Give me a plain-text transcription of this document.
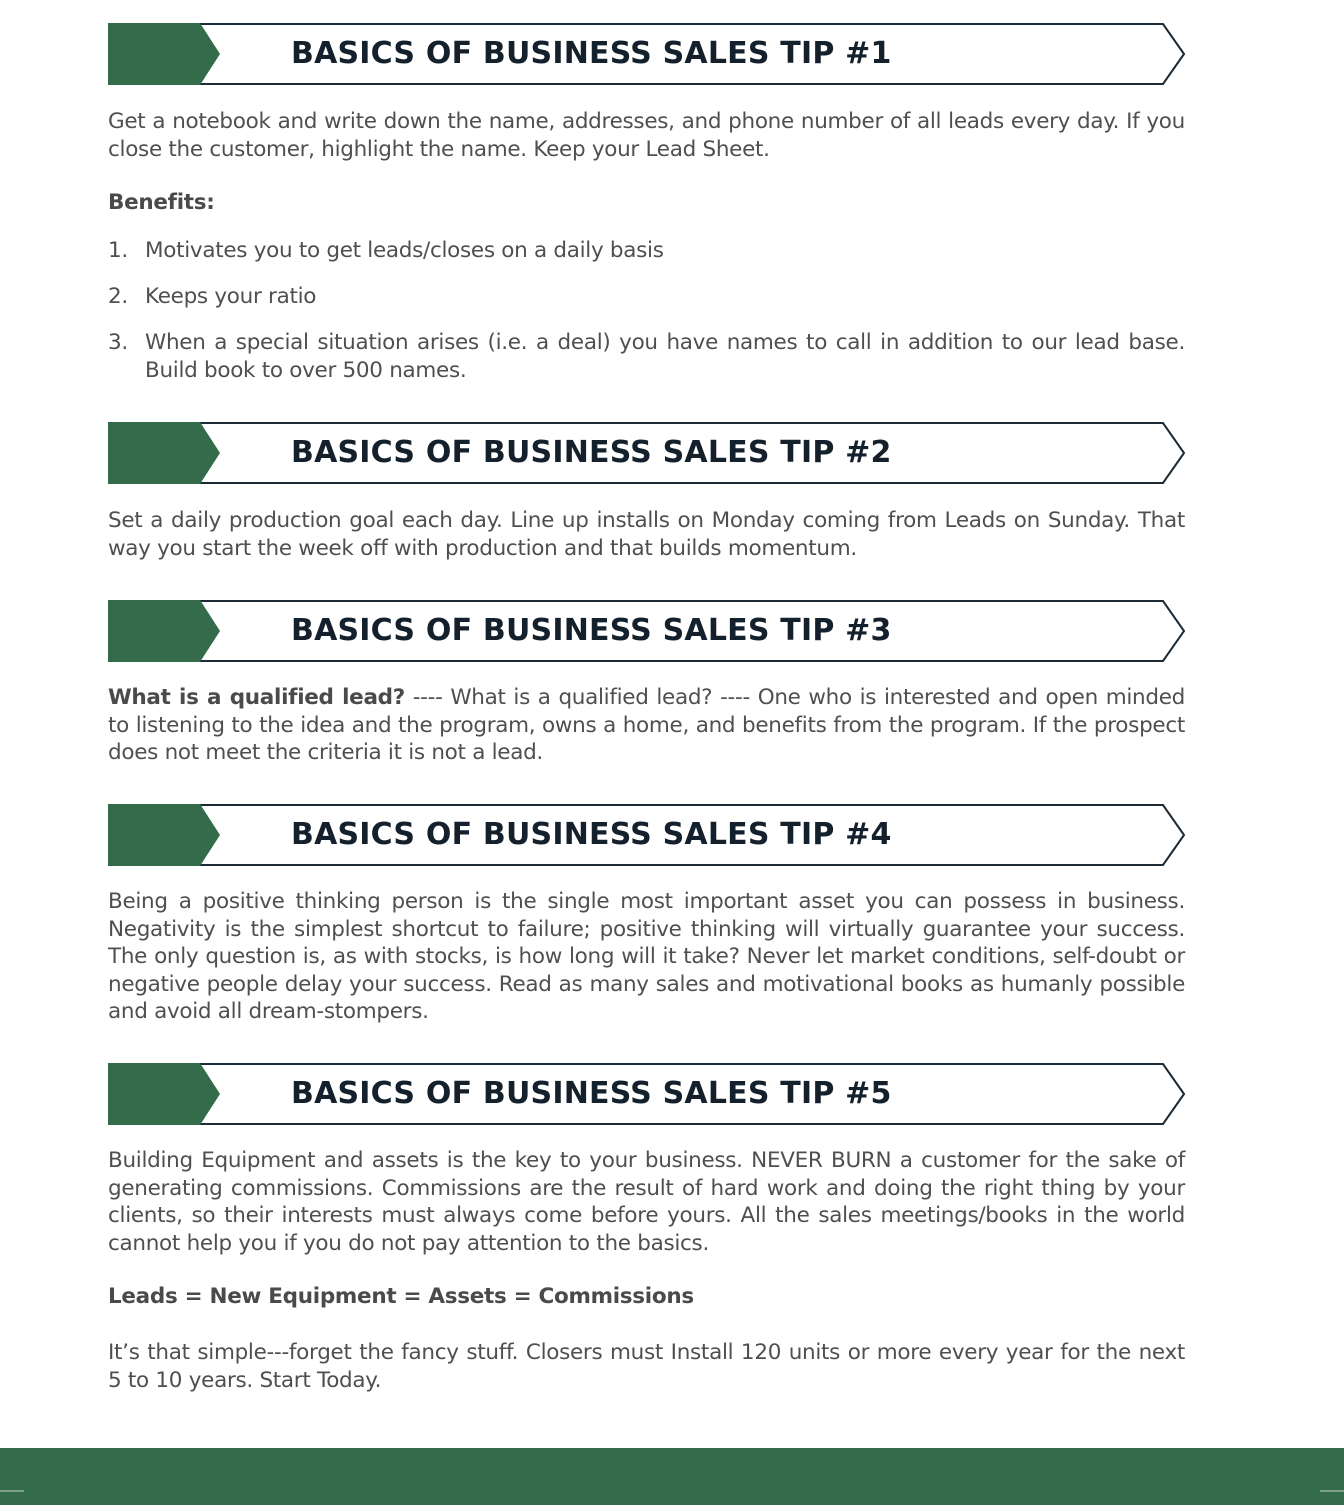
BASICS OF BUSINESS SALES TIP #1
Get a notebook and write down the name, addresses, and phone number of all leads every day. If you close the customer, highlight the name. Keep your Lead Sheet.
Benefits:
1. Motivates you to get leads/closes on a daily basis
2. Keeps your ratio
3. When a special situation arises (i.e. a deal) you have names to call in addition to our lead base. Build book to over 500 names.
BASICS OF BUSINESS SALES TIP #2
Set a daily production goal each day. Line up installs on Monday coming from Leads on Sunday. That way you start the week off with production and that builds momentum.
BASICS OF BUSINESS SALES TIP #3
What is a qualified lead? ---- What is a qualified lead? ---- One who is interested and open minded to listening to the idea and the program, owns a home, and benefits from the program. If the prospect does not meet the criteria it is not a lead.
BASICS OF BUSINESS SALES TIP #4
Being a positive thinking person is the single most important asset you can possess in business. Negativity is the simplest shortcut to failure; positive thinking will virtually guarantee your success. The only question is, as with stocks, is how long will it take? Never let market conditions, self-doubt or negative people delay your success. Read as many sales and motivational books as humanly possible and avoid all dream-stompers.
BASICS OF BUSINESS SALES TIP #5
Building Equipment and assets is the key to your business. NEVER BURN a customer for the sake of generating commissions. Commissions are the result of hard work and doing the right thing by your clients, so their interests must always come before yours. All the sales meetings/books in the world cannot help you if you do not pay attention to the basics.
Leads = New Equipment = Assets = Commissions
It’s that simple---forget the fancy stuff. Closers must Install 120 units or more every year for the next 5 to 10 years. Start Today.
